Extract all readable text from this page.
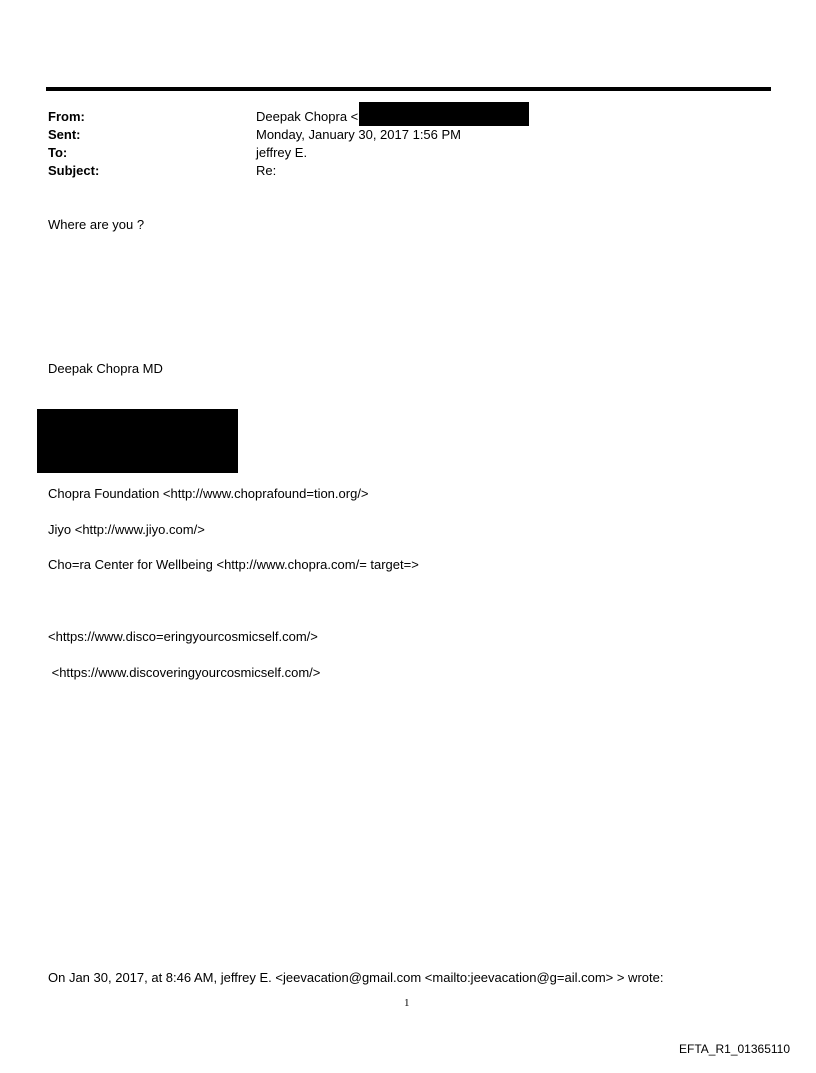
From:	Deepak Chopra <
Sent:	Monday, January 30, 2017 1:56 PM
To:	jeffrey E.
Subject:	Re:
Where are you ?
Deepak Chopra MD
Chopra Foundation <http://www.choprafound=tion.org/>
Jiyo <http://www.jiyo.com/>
Cho=ra Center for Wellbeing <http://www.chopra.com/= target=>
<https://www.disco=eringyourcosmicself.com/>
<https://www.discoveringyourcosmicself.com/>
On Jan 30, 2017, at 8:46 AM, jeffrey E. <jeevacation@gmail.com <mailto:jeevacation@g=ail.com> > wrote:
1
EFTA_R1_01365110
